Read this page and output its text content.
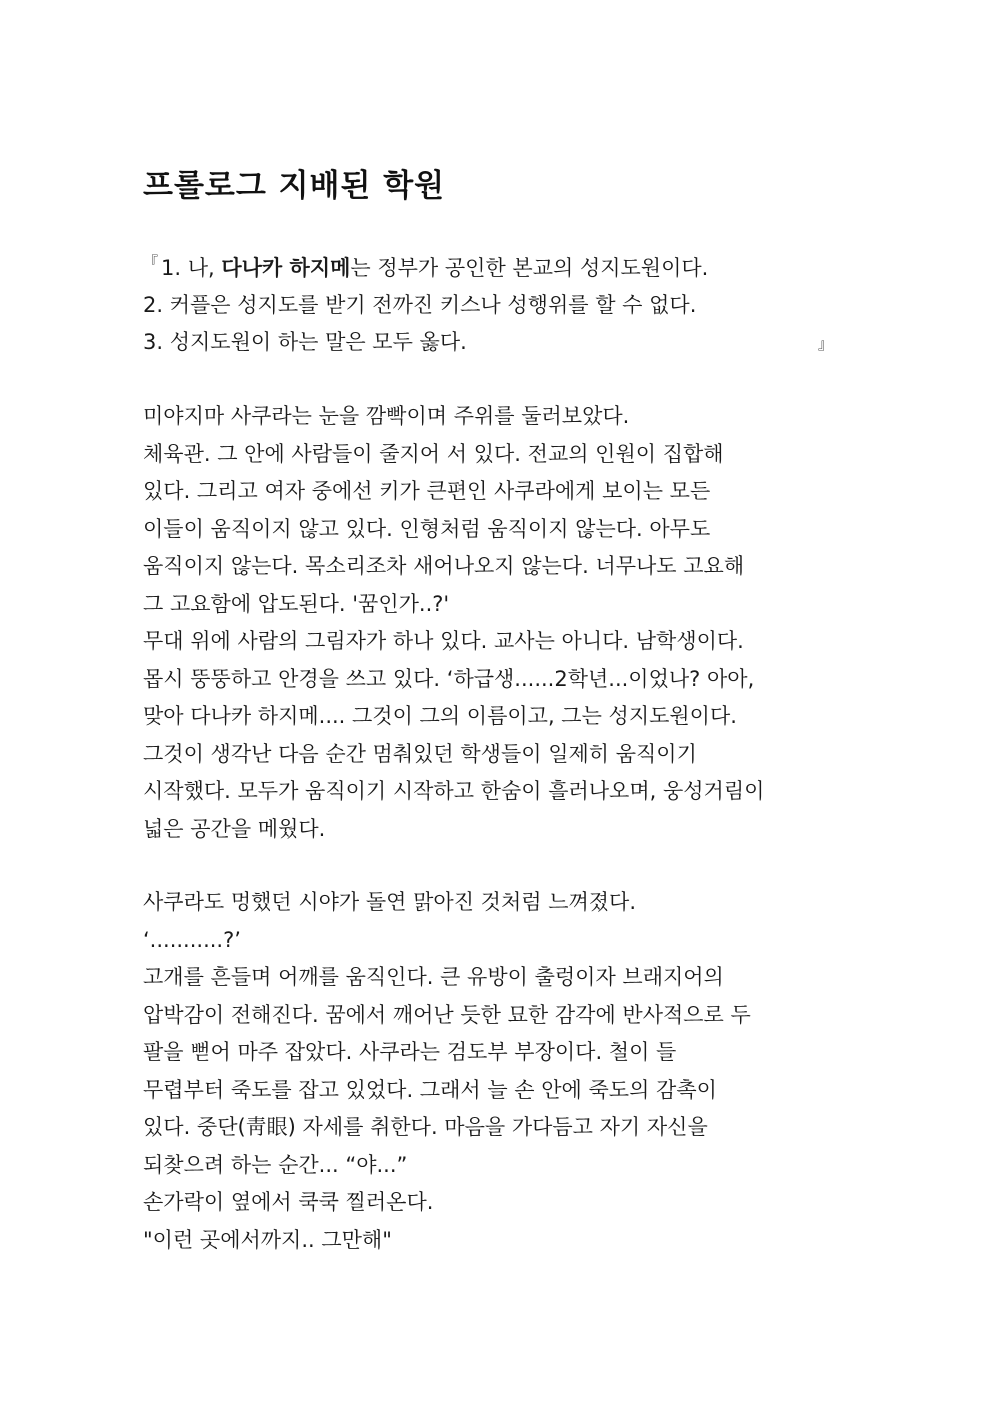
프롤로그 지배된 학원
『 1. 나, 다나카 하지메는 정부가 공인한 본교의 성지도원이다.
2. 커플은 성지도를 받기 전까진 키스나 성행위를 할 수 없다.
3. 성지도원이 하는 말은 모두 옳다.	』
미야지마 사쿠라는 눈을 깜빡이며 주위를 둘러보았다.
체육관. 그 안에 사람들이 줄지어 서 있다. 전교의 인원이 집합해
있다. 그리고 여자 중에선 키가 큰편인 사쿠라에게 보이는 모든
이들이 움직이지 않고 있다. 인형처럼 움직이지 않는다. 아무도
움직이지 않는다. 목소리조차 새어나오지 않는다. 너무나도 고요해
그 고요함에 압도된다. '꿈인가..?'
무대 위에 사람의 그림자가 하나 있다. 교사는 아니다. 남학생이다.
몹시 뚱뚱하고 안경을 쓰고 있다. ‘하급생......2학년...이었나? 아아,
맞아 다나카 하지메.... 그것이 그의 이름이고, 그는 성지도원이다.
그것이 생각난 다음 순간 멈춰있던 학생들이 일제히 움직이기
시작했다. 모두가 움직이기 시작하고 한숨이 흘러나오며, 웅성거림이
넓은 공간을 메웠다.
사쿠라도 멍했던 시야가 돌연 맑아진 것처럼 느껴졌다.
‘...........?’
고개를 흔들며 어깨를 움직인다. 큰 유방이 출렁이자 브래지어의
압박감이 전해진다. 꿈에서 깨어난 듯한 묘한 감각에 반사적으로 두
팔을 뻗어 마주 잡았다. 사쿠라는 검도부 부장이다. 철이 들
무렵부터 죽도를 잡고 있었다. 그래서 늘 손 안에 죽도의 감촉이
있다. 중단(靑眼) 자세를 취한다. 마음을 가다듬고 자기 자신을
되찾으려 하는 순간... “야...”
손가락이 옆에서 쿡쿡 찔러온다.
"이런 곳에서까지.. 그만해"
